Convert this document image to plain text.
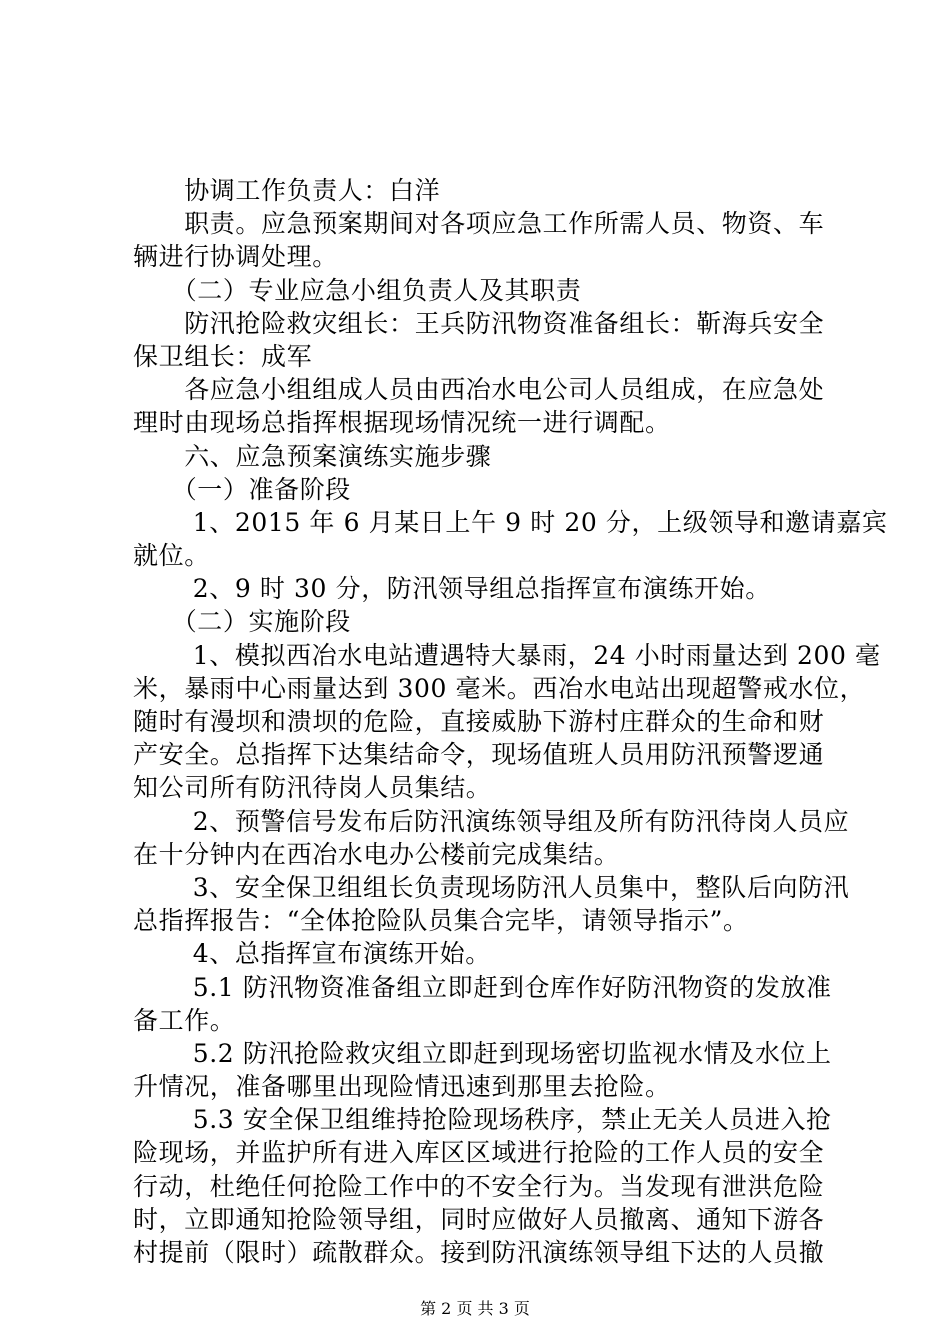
　　协调工作负责人：白洋
　　职责。应急预案期间对各项应急工作所需人员、物资、车
辆进行协调处理。
　　（二）专业应急小组负责人及其职责
　　防汛抢险救灾组长：王兵防汛物资准备组长：靳海兵安全
保卫组长：成军
　　各应急小组组成人员由西冶水电公司人员组成，在应急处
理时由现场总指挥根据现场情况统一进行调配。
　　六、应急预案演练实施步骤
　　（一）准备阶段
　　 1、2015 年 6 月某日上午 9 时 20 分，上级领导和邀请嘉宾
就位。
　　 2、9 时 30 分，防汛领导组总指挥宣布演练开始。
　　（二）实施阶段
　　 1、模拟西冶水电站遭遇特大暴雨，24 小时雨量达到 200 毫
米，暴雨中心雨量达到 300 毫米。西冶水电站出现超警戒水位，
随时有漫坝和溃坝的危险，直接威胁下游村庄群众的生命和财
产安全。总指挥下达集结命令，现场值班人员用防汛预警逻通
知公司所有防汛待岗人员集结。
　　 2、预警信号发布后防汛演练领导组及所有防汛待岗人员应
在十分钟内在西冶水电办公楼前完成集结。
　　 3、安全保卫组组长负责现场防汛人员集中，整队后向防汛
总指挥报告：“全体抢险队员集合完毕，请领导指示”。
　　 4、总指挥宣布演练开始。
　　 5.1 防汛物资准备组立即赶到仓库作好防汛物资的发放准
备工作。
　　 5.2 防汛抢险救灾组立即赶到现场密切监视水情及水位上
升情况，准备哪里出现险情迅速到那里去抢险。
　　 5.3 安全保卫组维持抢险现场秩序，禁止无关人员进入抢
险现场，并监护所有进入库区区域进行抢险的工作人员的安全
行动，杜绝任何抢险工作中的不安全行为。当发现有泄洪危险
时，立即通知抢险领导组，同时应做好人员撤离、通知下游各
村提前（限时）疏散群众。接到防汛演练领导组下达的人员撤
第 2 页 共 3 页
